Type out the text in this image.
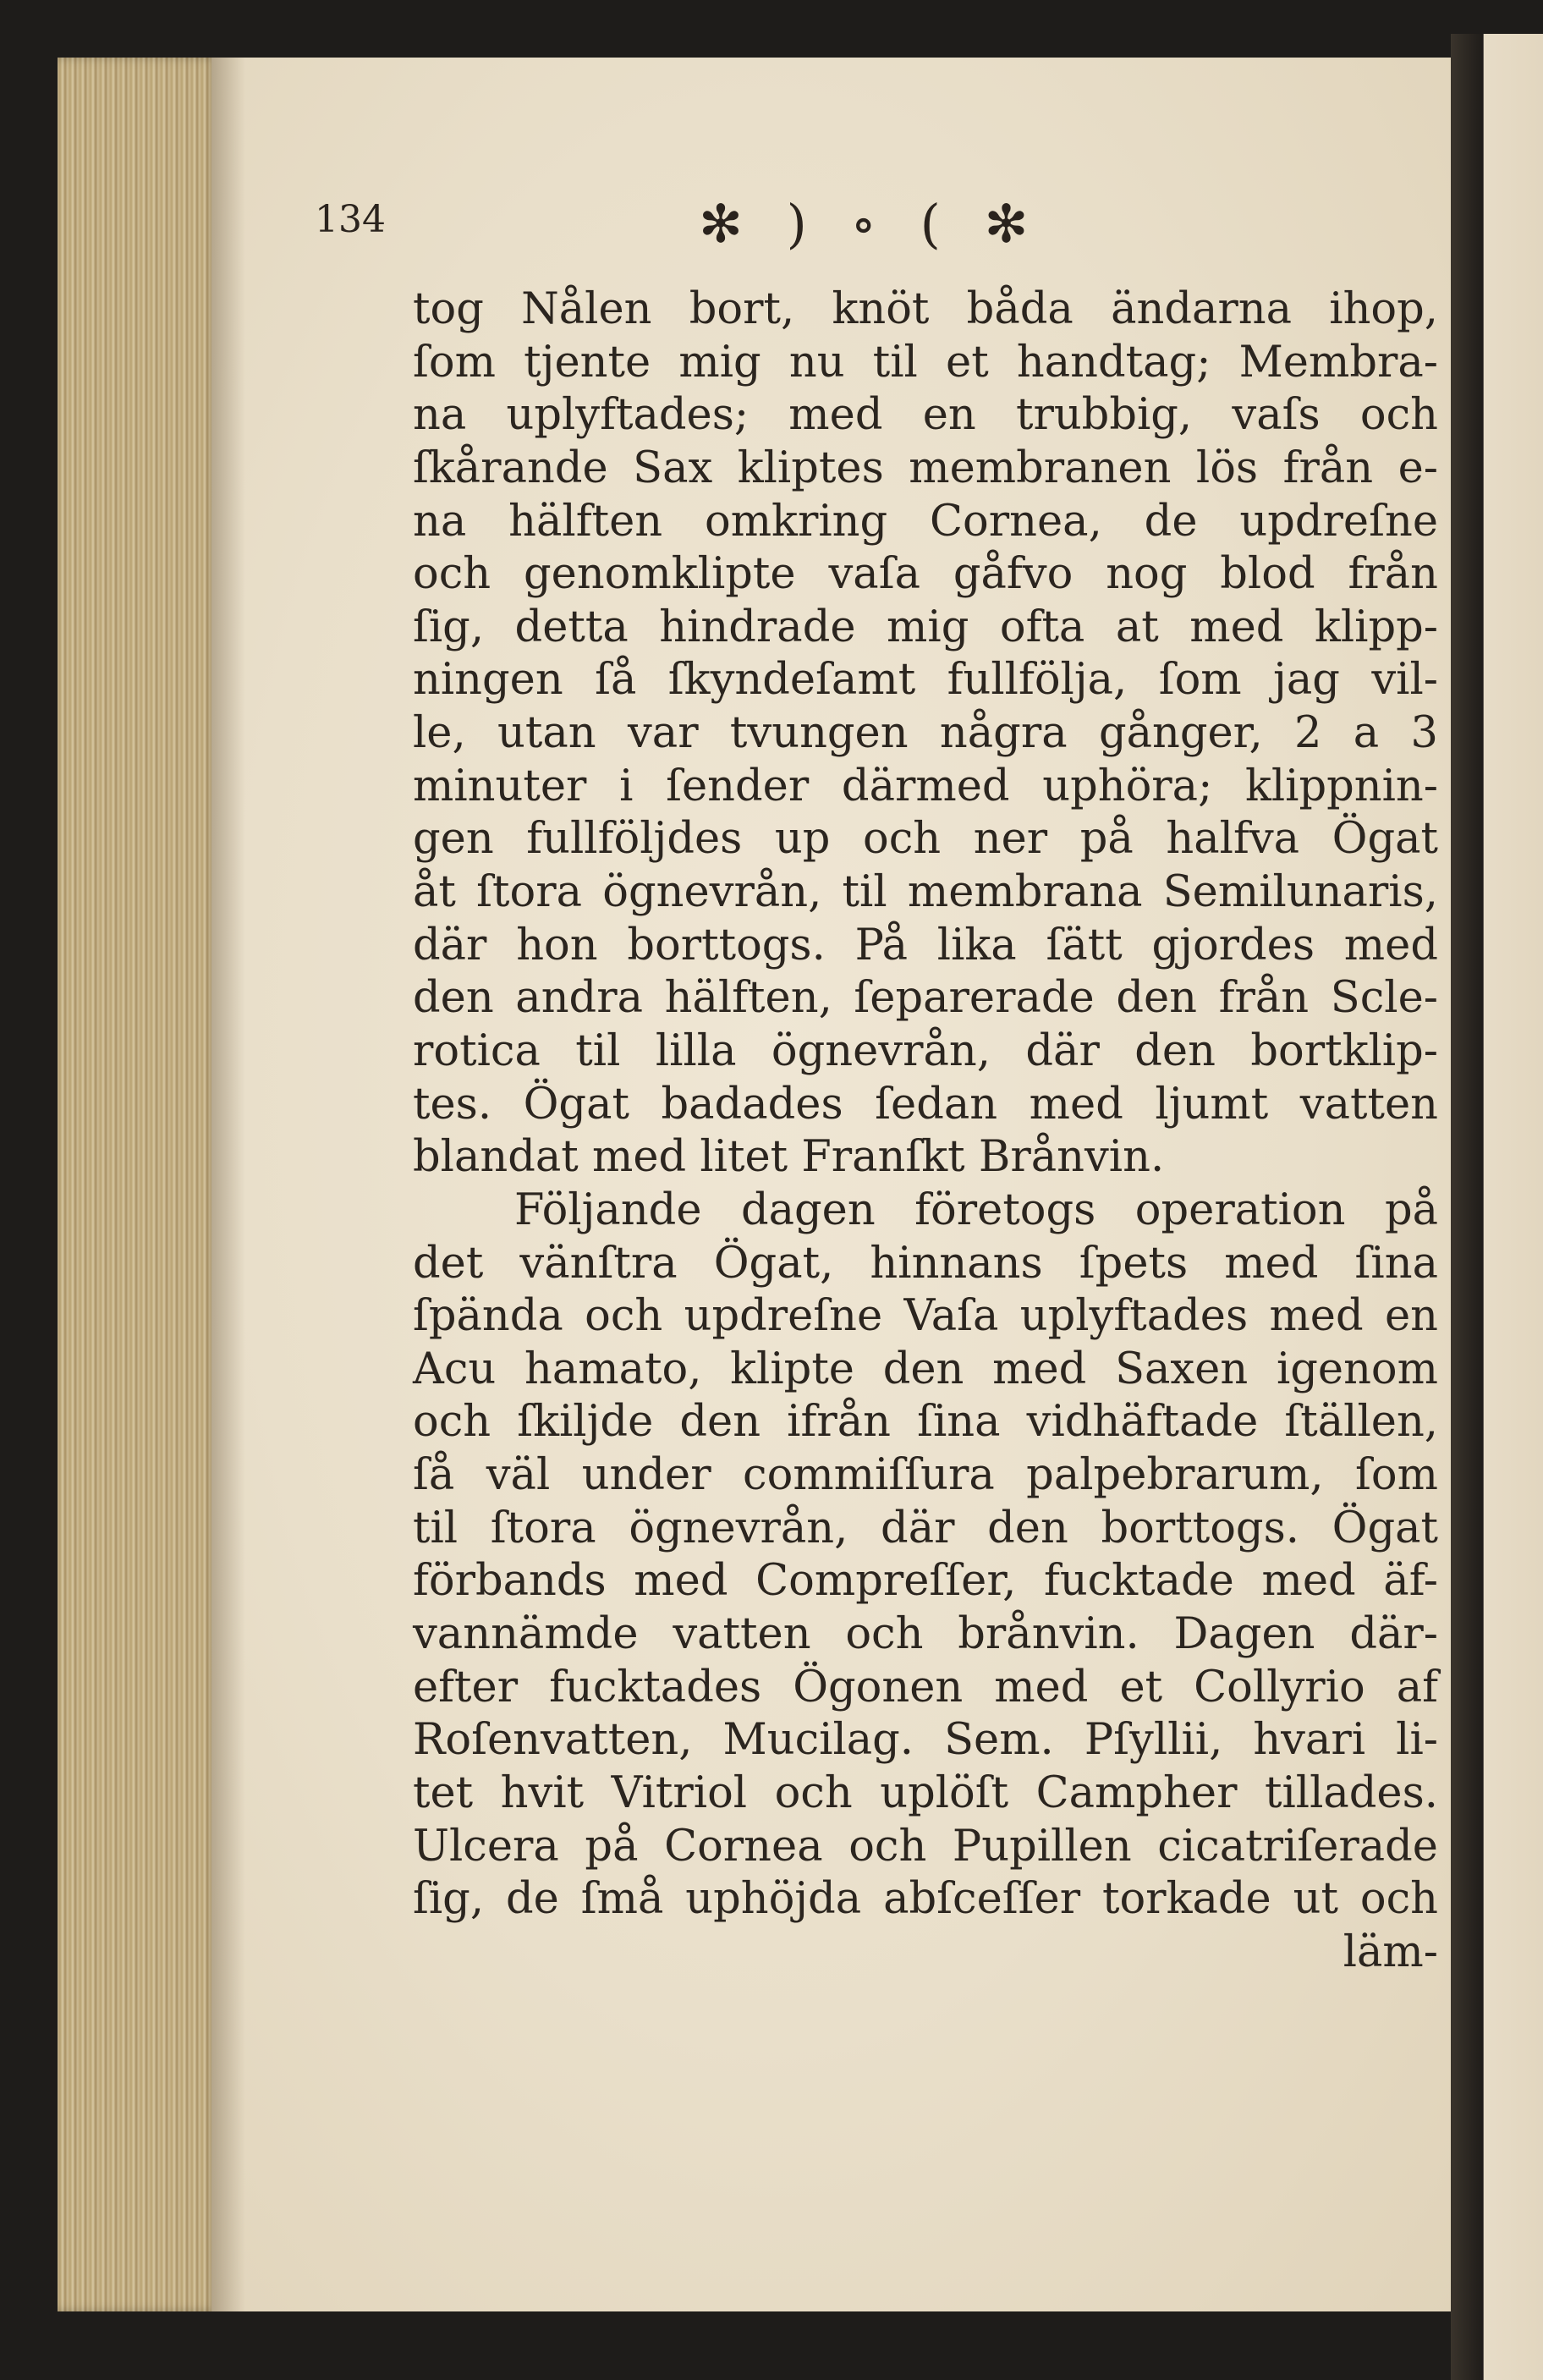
134	✻ ) ∘ ( ✻
tog Nålen bort, knöt båda ändarna ihop,
ſom tjente mig nu til et handtag; Membra-
na uplyftades; med en trubbig, vaſs och
ſkårande Sax kliptes membranen lös från e-
na hälften omkring Cornea, de updreſne
och genomklipte vaſa gåfvo nog blod från
ſig, detta hindrade mig ofta at med klipp-
ningen ſå ſkyndeſamt fullfölja, ſom jag vil-
le, utan var tvungen några gånger, 2 a 3
minuter i ſender därmed uphöra; klippnin-
gen fullföljdes up och ner på halfva Ögat
åt ſtora ögnevrån, til membrana Semilunaris,
där hon borttogs. På lika ſätt gjordes med
den andra hälften, ſeparerade den från Scle-
rotica til lilla ögnevrån, där den bortklip-
tes. Ögat badades ſedan med ljumt vatten
blandat med litet Franſkt Brånvin.
Följande dagen företogs operation på
det vänſtra Ögat, hinnans ſpets med ſina
ſpända och updreſne Vaſa uplyftades med en
Acu hamato, klipte den med Saxen igenom
och ſkiljde den ifrån ſina vidhäftade ſtällen,
ſå väl under commiſſura palpebrarum, ſom
til ſtora ögnevrån, där den borttogs. Ögat
förbands med Compreſſer, fucktade med äf-
vannämde vatten och brånvin. Dagen där-
efter fucktades Ögonen med et Collyrio af
Roſenvatten, Mucilag. Sem. Pſyllii, hvari li-
tet hvit Vitriol och uplöſt Campher tillades.
Ulcera på Cornea och Pupillen cicatriſerade
ſig, de ſmå uphöjda abſceſſer torkade ut och
läm-
